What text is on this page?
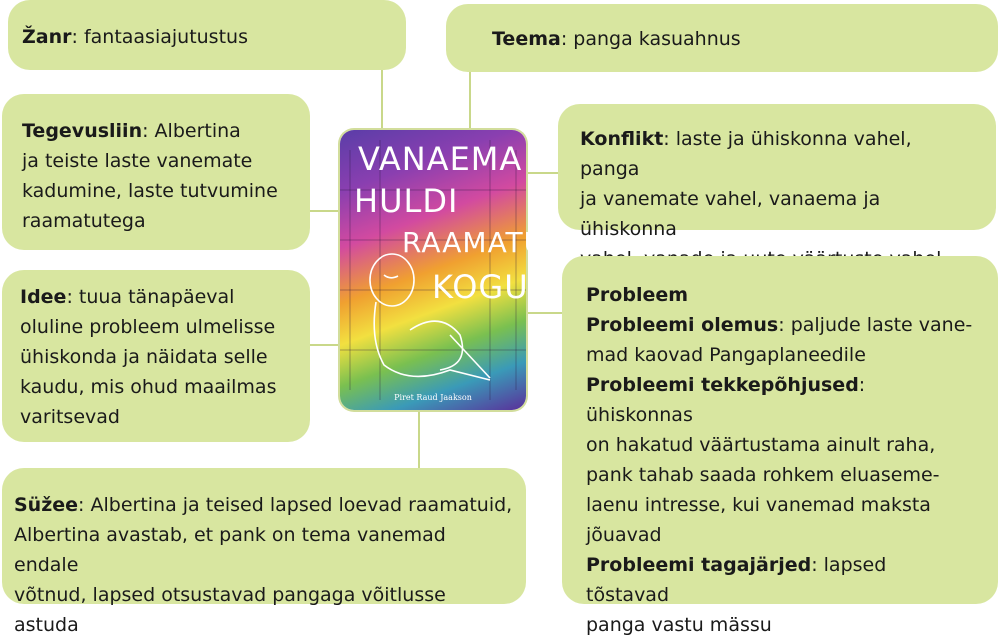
Žanr: fantaasiajutustus	Teema: panga kasuahnus
Tegevusliin: Albertina
ja teiste laste vanemate
kadumine, laste tutvumine
raamatutega
Konflikt: laste ja ühiskonna vahel, panga
ja vanemate vahel, vanaema ja ühiskonna

Idee: tuua tänapäeval
oluline probleem ulmelisse
ühiskonda ja näidata selle
kaudu, mis ohud maailmas
varitsevad
Probleem
Probleemi olemus: paljude laste vane-
mad kaovad Pangaplaneedile
Probleemi tekkepõhjused: ühiskonnas
on hakatud väärtustama ainult raha,
pank tahab saada rohkem eluaseme-
laenu intresse, kui vanemad maksta
jõuavad
Probleemi tagajärjed: lapsed tõstavad
panga vastu mässu
Süžee: Albertina ja teised lapsed loevad raamatuid,
Albertina avastab, et pank on tema vanemad endale
võtnud, lapsed otsustavad pangaga võitlusse astuda
VANAEMA
HULDI
RAAMATU-
KOGU
Piret Raud Jaakson
